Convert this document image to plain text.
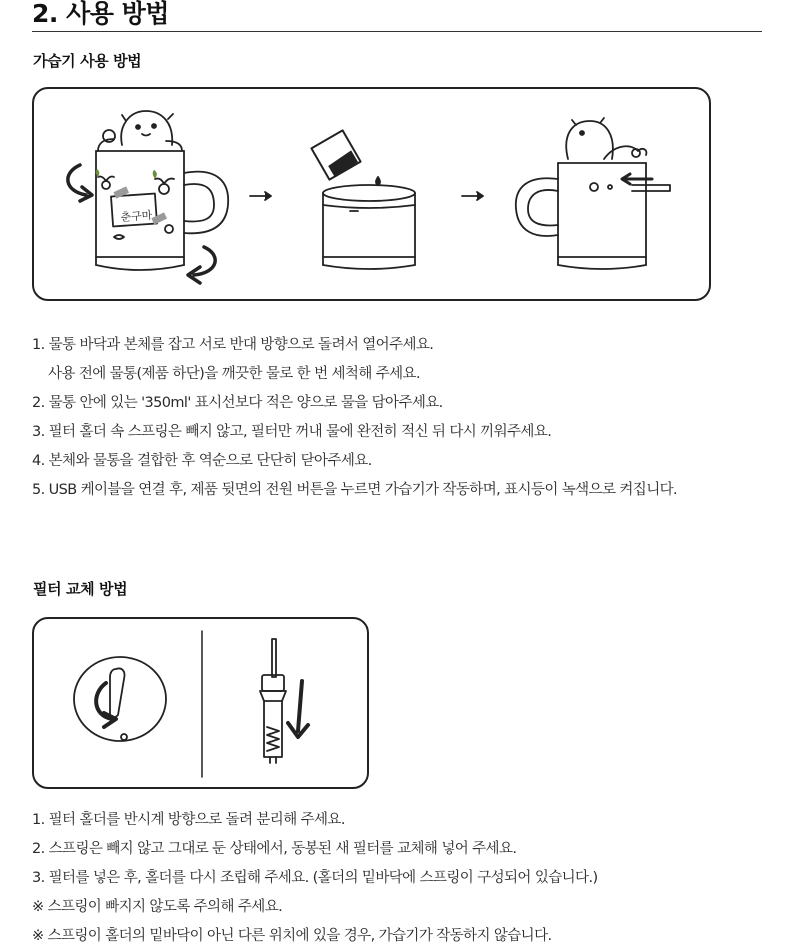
2. 사용 방법
가습기 사용 방법
춘구마
1. 물통 바닥과 본체를 잡고 서로 반대 방향으로 돌려서 열어주세요.
사용 전에 물통(제품 하단)을 깨끗한 물로 한 번 세척해 주세요.
2. 물통 안에 있는 '350ml' 표시선보다 적은 양으로 물을 담아주세요.
3. 필터 홀더 속 스프링은 빼지 않고, 필터만 꺼내 물에 완전히 적신 뒤 다시 끼워주세요.
4. 본체와 물통을 결합한 후 역순으로 단단히 닫아주세요.
5. USB 케이블을 연결 후, 제품 뒷면의 전원 버튼을 누르면 가습기가 작동하며, 표시등이 녹색으로 켜집니다.
필터 교체 방법
1. 필터 홀더를 반시계 방향으로 돌려 분리해 주세요.
2. 스프링은 빼지 않고 그대로 둔 상태에서, 동봉된 새 필터를 교체해 넣어 주세요.
3. 필터를 넣은 후, 홀더를 다시 조립해 주세요. (홀더의 밑바닥에 스프링이 구성되어 있습니다.)
※ 스프링이 빠지지 않도록 주의해 주세요.
※ 스프링이 홀더의 밑바닥이 아닌 다른 위치에 있을 경우, 가습기가 작동하지 않습니다.
